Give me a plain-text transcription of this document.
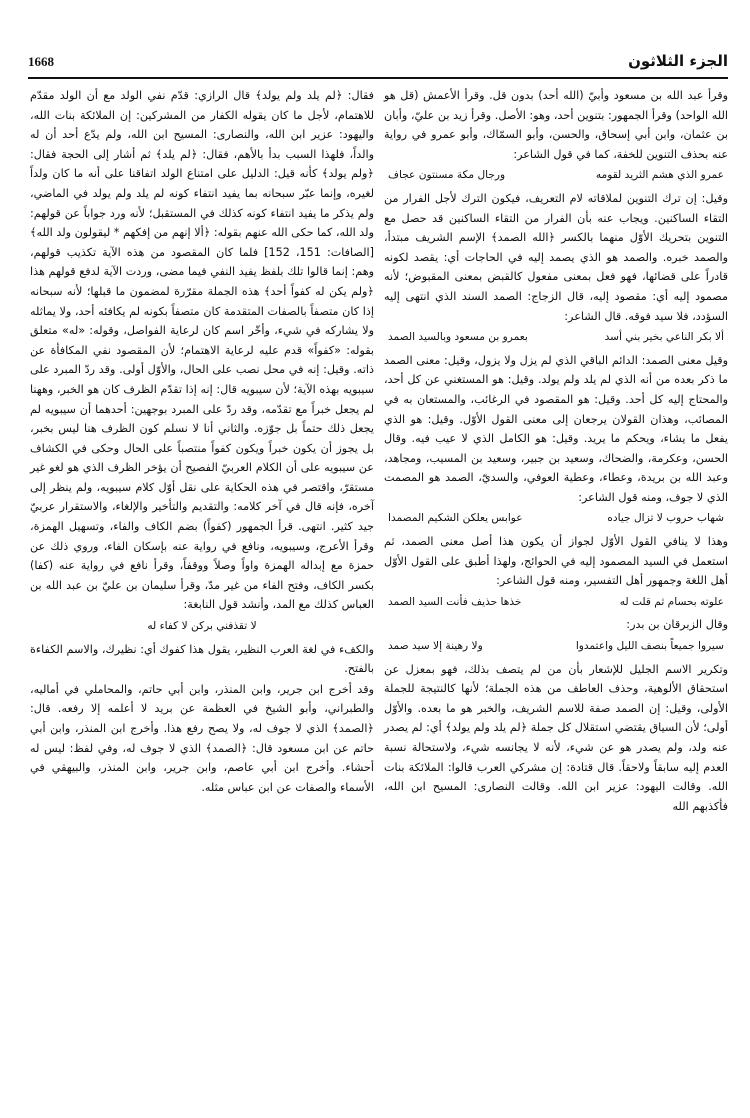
الجزء الثلاثون
1668

وقرأ عبد الله بن مسعود وأبيّ (الله أحد) بدون قل. وقرأ الأعمش (قل هو الله الواحد) وقرأ الجمهور: بتنوين أحد، وهو: الأصل. وقرأ زيد بن عليّ، وأبان بن عثمان، وابن أبي إسحاق، والحسن، وأبو السمّاك، وأبو عمرو في رواية عنه بحذف التنوين للخفة، كما في قول الشاعر:

عمرو الذي هشم الثريد لقومه
ورجال مكة مسنتون عجاف

وقيل: إن ترك التنوين لملاقاته لام التعريف، فيكون الترك لأجل الفرار من التقاء الساكنين. ويجاب عنه بأن الفرار من التقاء الساكنين قد حصل مع التنوين بتحريك الأوّل منهما بالكسر ﴿الله الصمد﴾ الإسم الشريف مبتدأ، والصمد خبره. والصمد هو الذي يصمد إليه في الحاجات أي: يقصد لكونه قادراً على قضائها، فهو فعل بمعنى مفعول كالقبض بمعنى المقبوض؛ لأنه مصمود إليه أي: مقصود إليه، قال الزجاج: الصمد السند الذي انتهى إليه السؤدد، فلا سيد فوقه. قال الشاعر:

ألا بكر الناعي بخير بني أسد
بعمرو بن مسعود وبالسيد الصمد

وقيل معنى الصمد: الدائم الباقي الذي لم يزل ولا يزول، وقيل: معنى الصمد ما ذكر بعده من أنه الذي لم يلد ولم يولد. وقيل: هو المستغني عن كل أحد، والمحتاج إليه كل أحد. وقيل: هو المقصود في الرغائب، والمستعان به في المصائب، وهذان القولان يرجعان إلى معنى القول الأوّل. وقيل: هو الذي يفعل ما يشاء، ويحكم ما يريد. وقيل: هو الكامل الذي لا عيب فيه. وقال الحسن، وعكرمة، والضحاك، وسعيد بن جبير، وسعيد بن المسيب، ومجاهد، وعبد الله بن بريدة، وعطاء، وعطية العوفي، والسديّ، الصمد هو المصمت الذي لا جوف، ومنه قول الشاعر:

شهاب حروب لا تزال جياده
عوابس يعلكن الشكيم المصمدا

وهذا لا ينافي القول الأوّل لجواز أن يكون هذا أصل معنى الصمد، ثم استعمل في السيد المصمود إليه في الحوائج، ولهذا أطبق على القول الأوّل أهل اللغة وجمهور أهل التفسير، ومنه قول الشاعر:

علوته بحسام ثم قلت له
خذها حذيف فأنت السيد الصمد

وقال الزبرقان بن بدر:

سيروا جميعاً بنصف الليل واعتمدوا
ولا رهينة إلا سيد صمد

وتكرير الاسم الجليل للإشعار بأن من لم يتصف بذلك، فهو بمعزل عن استحقاق الألوهية، وحذف العاطف من هذه الجملة؛ لأنها كالنتيجة للجملة الأولى، وقيل: إن الصمد صفة للاسم الشريف، والخبر هو ما بعده. والأوّل أولى؛ لأن السياق يقتضي استقلال كل جملة ﴿لم يلد ولم يولد﴾ أي: لم يصدر عنه ولد، ولم يصدر هو عن شيء، لأنه لا يجانسه شيء، ولاستحالة نسبة العدم إليه سابقاً ولاحقاً. قال قتادة: إن مشركي العرب قالوا: الملائكة بنات الله. وقالت اليهود: عزير ابن الله. وقالت النصارى: المسيح ابن الله، فأكذبهم الله

فقال: ﴿لم يلد ولم يولد﴾ قال الرازي: قدّم نفي الولد مع أن الولد مقدّم للاهتمام، لأجل ما كان يقوله الكفار من المشركين: إن الملائكة بنات الله، واليهود: عزير ابن الله، والنصارى: المسيح ابن الله، ولم يدّع أحد أن له والداً، فلهذا السبب بدأ بالأهم، فقال: ﴿لم يلد﴾ ثم أشار إلى الحجة فقال: ﴿ولم يولد﴾ كأنه قيل: الدليل على امتناع الولد اتفاقنا على أنه ما كان ولداً لغيره، وإنما عبّر سبحانه بما يفيد انتفاء كونه لم يلد ولم يولد في الماضي، ولم يذكر ما يفيد انتفاء كونه كذلك في المستقبل؛ لأنه ورد جواباً عن قولهم: ولد الله، كما حكى الله عنهم بقوله: ﴿ألا إنهم من إفكهم * ليقولون ولد الله﴾ [الصافات: 151، 152] فلما كان المقصود من هذه الآية تكذيب قولهم، وهم: إنما قالوا تلك بلفظ يفيد النفي فيما مضى، وردت الآية لدفع قولهم هذا ﴿ولم يكن له كفواً أحد﴾ هذه الجملة مقرّرة لمضمون ما قبلها؛ لأنه سبحانه إذا كان متصفاً بالصفات المتقدمة كان متصفاً بكونه لم يكافئه أحد، ولا يماثله ولا يشاركه في شيء، وأخّر اسم كان لرعاية الفواصل، وقوله: «له» متعلق بقوله: «كفواً» قدم عليه لرعاية الاهتمام؛ لأن المقصود نفي المكافأة عن ذاته. وقيل: إنه في محل نصب على الحال، والأوّل أولى. وقد ردّ المبرد على سيبويه بهذه الآية؛ لأن سيبويه قال: إنه إذا تقدّم الظرف كان هو الخبر، وههنا لم يجعل خبراً مع تقدّمه، وقد ردّ على المبرد بوجهين: أحدهما أن سيبويه لم يجعل ذلك حتماً بل جوّزه. والثاني أنا لا نسلم كون الظرف هنا ليس بخبر، بل يجوز أن يكون خبراً ويكون كفواً منتصباً على الحال وحكى في الكشاف عن سيبويه على أن الكلام العربيّ الفصيح أن يؤخر الظرف الذي هو لغو غير مستقرّ، واقتصر في هذه الحكاية على نقل أوّل كلام سيبويه، ولم ينظر إلى آخره، فإنه قال في آخر كلامه: والتقديم والتأخير والإلغاء، والاستقرار عربيّ جيد كثير. انتهى. قرأ الجمهور (كفواً) بضم الكاف والفاء، وتسهيل الهمزة، وقرأ الأعرج، وسيبويه، ونافع في رواية عنه بإسكان الفاء، وروي ذلك عن حمزة مع إبداله الهمزة واواً وصلاً ووقفاً، وقرأ نافع في رواية عنه (كفا) بكسر الكاف، وفتح الفاء من غير مدّ، وقرأ سليمان بن عليّ بن عبد الله بن العباس كذلك مع المد، وأنشد قول النابغة:

لا تقذفني بركن لا كفاء له

والكفء في لغة العرب النظير، يقول هذا كفوك أي: نظيرك، والاسم الكفاءة بالفتح.

وقد أخرج ابن جرير، وابن المنذر، وابن أبي حاتم، والمحاملي في أماليه، والطبراني، وأبو الشيخ في العظمة عن بريد لا أعلمه إلا رفعه. قال: ﴿الصمد﴾ الذي لا جوف له، ولا يصح رفع هذا. وأخرج ابن المنذر، وابن أبي حاتم عن ابن مسعود قال: ﴿الصمد﴾ الذي لا جوف له، وفي لفظ: ليس له أحشاء. وأخرج ابن أبي عاصم، وابن جرير، وابن المنذر، والبيهقي في الأسماء والصفات عن ابن عباس مثله.
